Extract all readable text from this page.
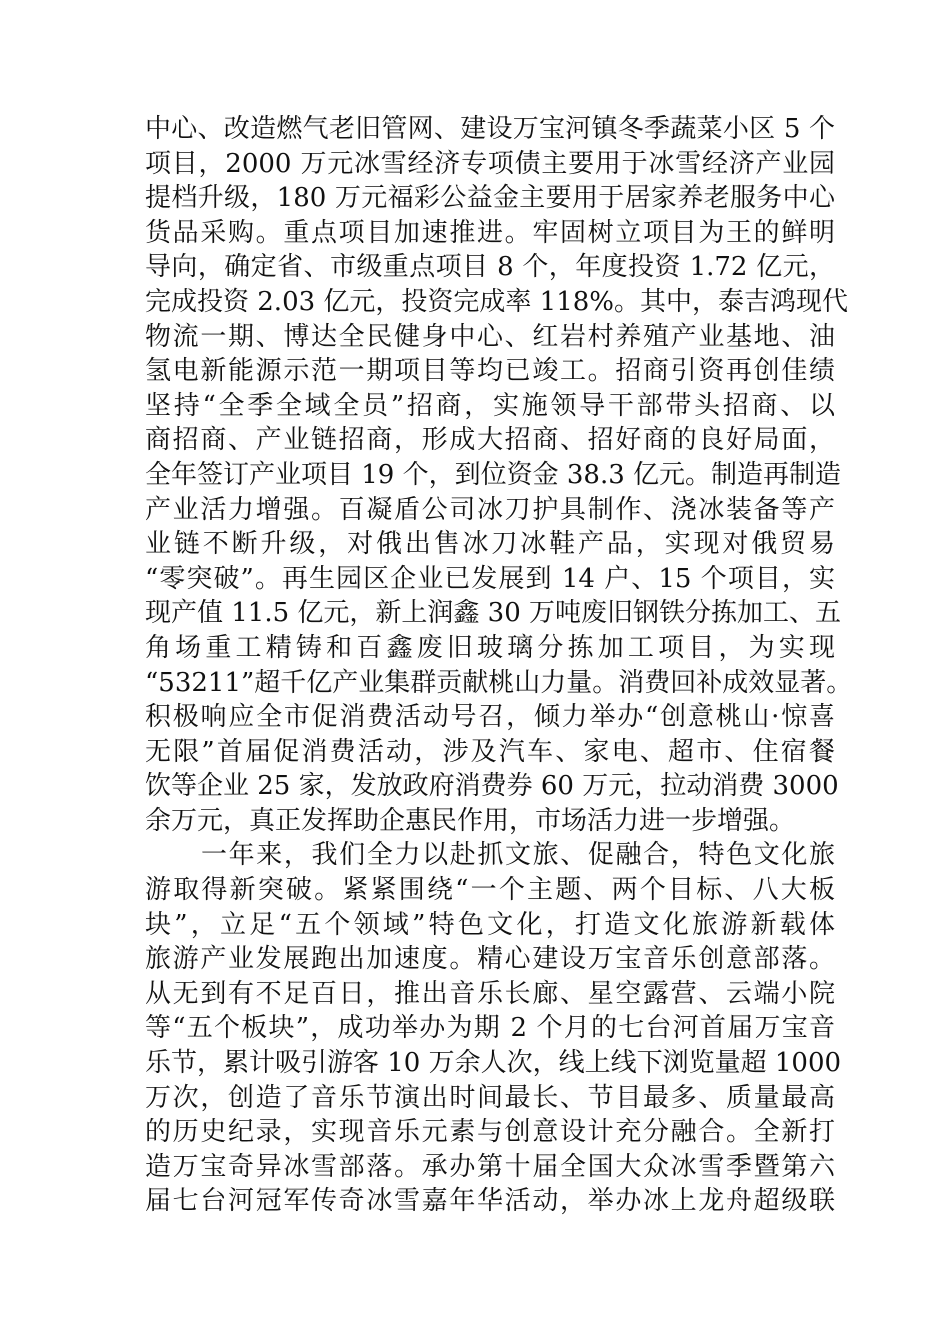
中心、改造燃气老旧管网、建设万宝河镇冬季蔬菜小区 5 个
项目，2000 万元冰雪经济专项债主要用于冰雪经济产业园
提档升级，180 万元福彩公益金主要用于居家养老服务中心
货品采购。重点项目加速推进。牢固树立项目为王的鲜明
导向，确定省、市级重点项目 8 个，年度投资 1.72 亿元，
完成投资 2.03 亿元，投资完成率 118%。其中，泰吉鸿现代
物流一期、博达全民健身中心、红岩村养殖产业基地、油
氢电新能源示范一期项目等均已竣工。招商引资再创佳绩
坚持“全季全域全员”招商，实施领导干部带头招商、以
商招商、产业链招商，形成大招商、招好商的良好局面，
全年签订产业项目 19 个，到位资金 38.3 亿元。制造再制造
产业活力增强。百凝盾公司冰刀护具制作、浇冰装备等产
业链不断升级，对俄出售冰刀冰鞋产品，实现对俄贸易
“零突破”。再生园区企业已发展到 14 户、15 个项目，实
现产值 11.5 亿元，新上润鑫 30 万吨废旧钢铁分拣加工、五
角场重工精铸和百鑫废旧玻璃分拣加工项目，为实现
“53211”超千亿产业集群贡献桃山力量。消费回补成效显著。
积极响应全市促消费活动号召，倾力举办“创意桃山·惊喜
无限”首届促消费活动，涉及汽车、家电、超市、住宿餐
饮等企业 25 家，发放政府消费券 60 万元，拉动消费 3000
余万元，真正发挥助企惠民作用，市场活力进一步增强。
一年来，我们全力以赴抓文旅、促融合，特色文化旅
游取得新突破。紧紧围绕“一个主题、两个目标、八大板
块”，立足“五个领域”特色文化，打造文化旅游新载体
旅游产业发展跑出加速度。精心建设万宝音乐创意部落。
从无到有不足百日，推出音乐长廊、星空露营、云端小院
等“五个板块”，成功举办为期 2 个月的七台河首届万宝音
乐节，累计吸引游客 10 万余人次，线上线下浏览量超 1000
万次，创造了音乐节演出时间最长、节目最多、质量最高
的历史纪录，实现音乐元素与创意设计充分融合。全新打
造万宝奇异冰雪部落。承办第十届全国大众冰雪季暨第六
届七台河冠军传奇冰雪嘉年华活动，举办冰上龙舟超级联
